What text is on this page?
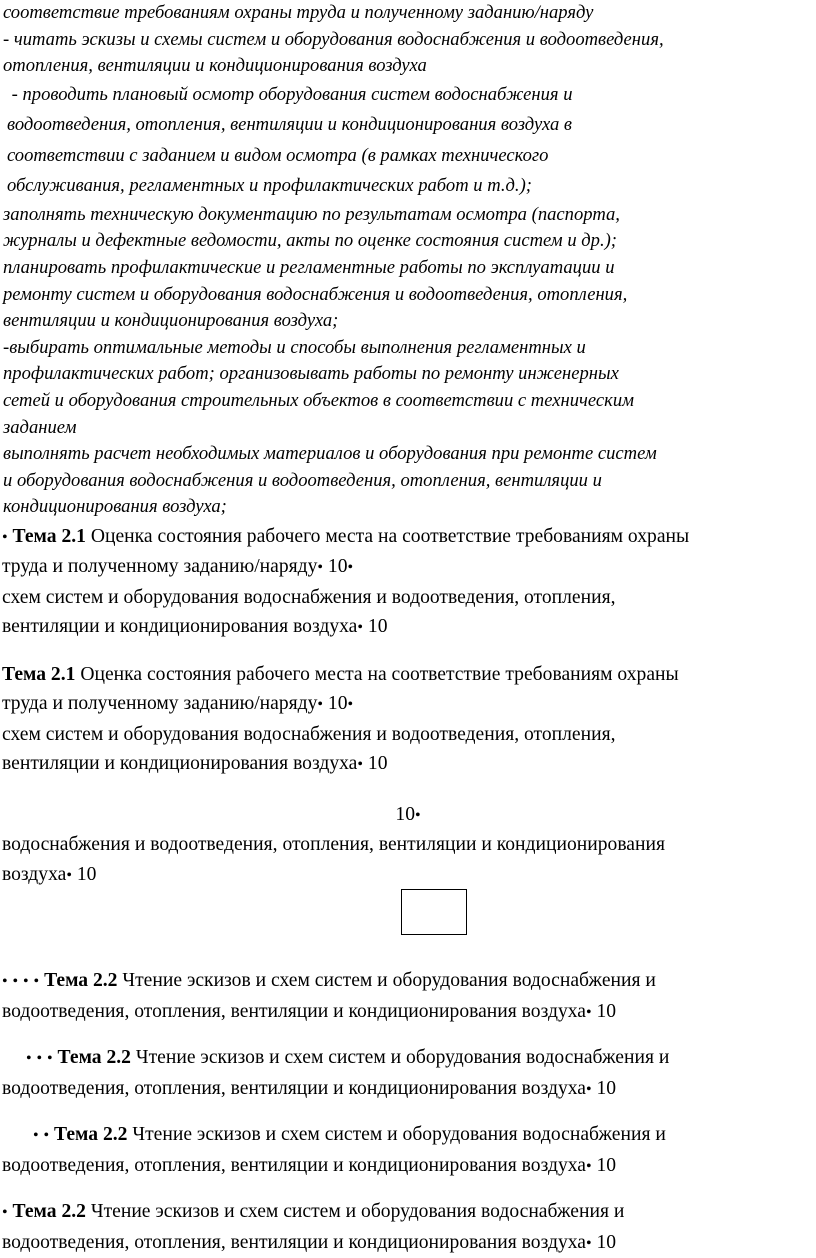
соответствие требованиям охраны труда и полученному заданию/наряду

- читать эскизы и схемы систем и оборудования водоснабжения и водоотведения,

отопления, вентиляции и кондиционирования воздуха

- проводить плановый осмотр оборудования систем водоснабжения и

водоотведения, отопления, вентиляции и кондиционирования воздуха в

соответствии с заданием и видом осмотра (в рамках технического

обслуживания, регламентных и профилактических работ и т.д.);

заполнять техническую документацию по результатам осмотра (паспорта,

журналы и дефектные ведомости, акты по оценке состояния систем и др.);

планировать профилактические и регламентные работы по эксплуатации и

ремонту систем и оборудования водоснабжения и водоотведения, отопления,

вентиляции и кондиционирования воздуха;

-выбирать оптимальные методы и способы выполнения регламентных и

профилактических работ; организовывать работы по ремонту инженерных

сетей и оборудования строительных объектов в соответствии с техническим

заданием

выполнять расчет необходимых материалов и оборудования при ремонте систем

и оборудования водоснабжения и водоотведения, отопления, вентиляции и

кондиционирования воздуха;

• Тема 2.1 Оценка состояния рабочего места на соответствие требованиям охраны

труда и полученному заданию/наряду• 10•

схем систем и оборудования водоснабжения и водоотведения, отопления,

вентиляции и кондиционирования воздуха• 10

Тема 2.1 Оценка состояния рабочего места на соответствие требованиям охраны

труда и полученному заданию/наряду• 10•

схем систем и оборудования водоснабжения и водоотведения, отопления,

вентиляции и кондиционирования воздуха• 10

10•

водоснабжения и водоотведения, отопления, вентиляции и кондиционирования

воздуха• 10

• • • • Тема 2.2 Чтение эскизов и схем систем и оборудования водоснабжения и

водоотведения, отопления, вентиляции и кондиционирования воздуха• 10

• • • Тема 2.2 Чтение эскизов и схем систем и оборудования водоснабжения и

водоотведения, отопления, вентиляции и кондиционирования воздуха• 10

• • Тема 2.2 Чтение эскизов и схем систем и оборудования водоснабжения и

водоотведения, отопления, вентиляции и кондиционирования воздуха• 10

• Тема 2.2 Чтение эскизов и схем систем и оборудования водоснабжения и

водоотведения, отопления, вентиляции и кондиционирования воздуха• 10
